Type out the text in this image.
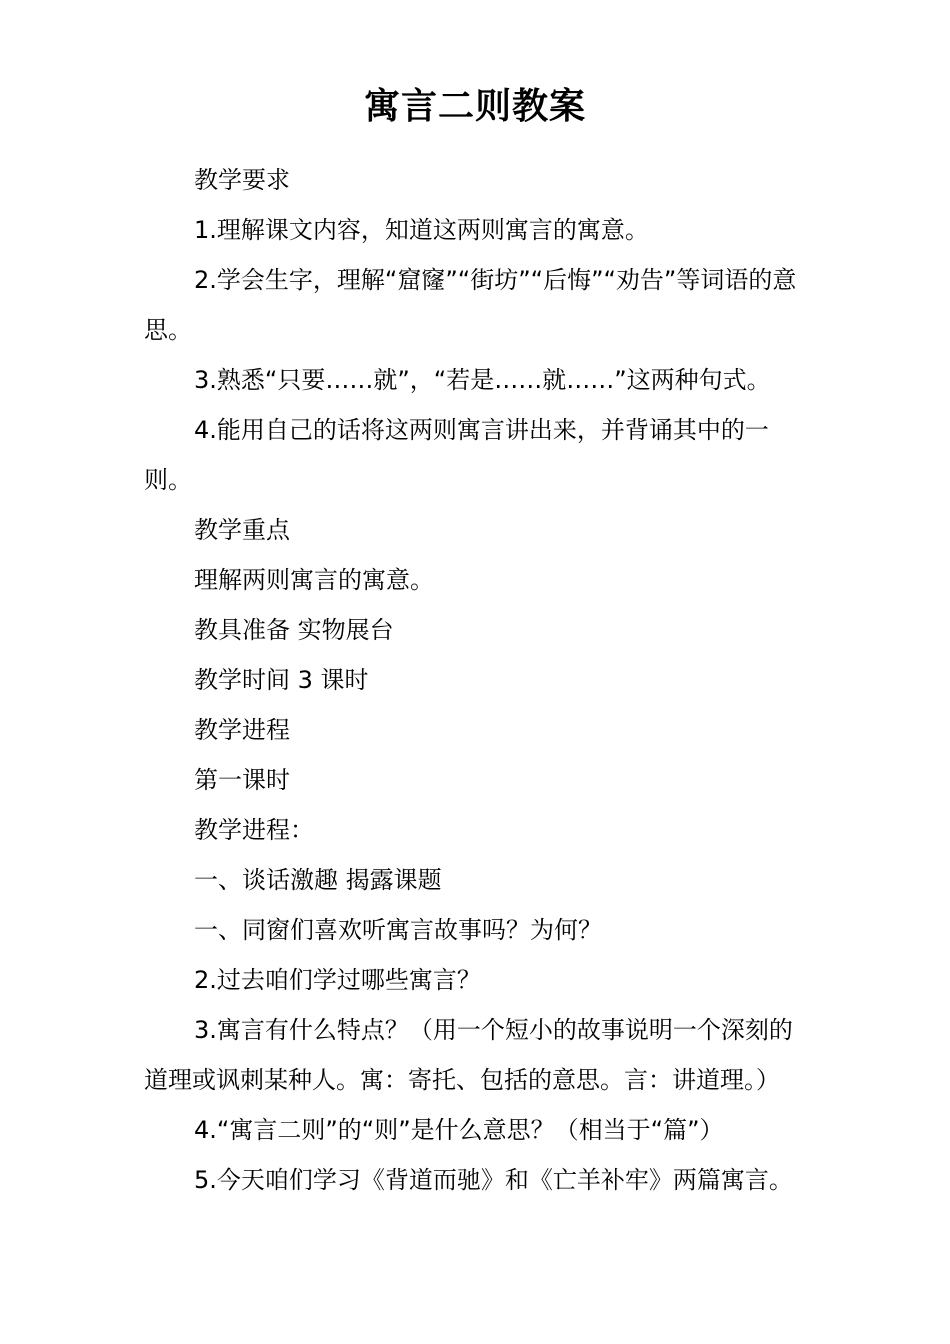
寓言二则教案

教学要求

1.理解课文内容，知道这两则寓言的寓意。

2.学会生字，理解“窟窿”“街坊”“后悔”“劝告”等词语的意思。

3.熟悉“只要……就”，“若是……就……”这两种句式。

4.能用自己的话将这两则寓言讲出来，并背诵其中的一则。

教学重点

理解两则寓言的寓意。

教具准备 实物展台

教学时间 3 课时

教学进程

第一课时

教学进程：

一、谈话激趣 揭露课题

一、同窗们喜欢听寓言故事吗？为何？

2.过去咱们学过哪些寓言？

3.寓言有什么特点？（用一个短小的故事说明一个深刻的道理或讽刺某种人。寓：寄托、包括的意思。言：讲道理。）

4.“寓言二则”的“则”是什么意思？（相当于“篇”）

5.今天咱们学习《背道而驰》和《亡羊补牢》两篇寓言。
